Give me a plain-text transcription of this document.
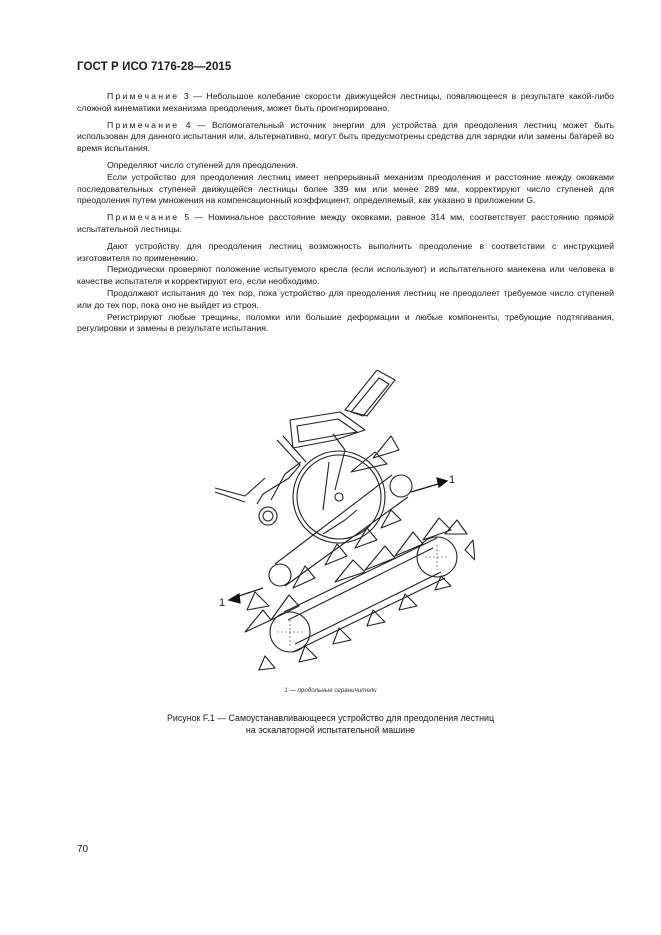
ГОСТ Р ИСО 7176-28—2015

Примечание 3 — Небольшое колебание скорости движущейся лестницы, появляющееся в результате какой-либо сложной кинематики механизма преодоления, может быть проигнорировано.

Примечание 4 — Вспомогательный источник энергии для устройства для преодоления лестниц может быть использован для данного испытания или, альтернативно, могут быть предусмотрены средства для зарядки или замены батарей во время испытания.

Определяют число ступеней для преодоления.

Если устройство для преодоления лестниц имеет непрерывный механизм преодоления и расстояние между оковками последовательных ступеней движущейся лестницы более 339 мм или менее 289 мм, корректируют число ступеней для преодоления путем умножения на компенсационный коэффициент, определяемый, как указано в приложении G.

Примечание 5 — Номинальное расстояние между оковками, равное 314 мм, соответствует расстоянию прямой испытательной лестницы.

Дают устройству для преодоления лестниц возможность выполнить преодоление в соответствии с инструкцией изготовителя по применению.

Периодически проверяют положение испытуемого кресла (если используют) и испытательного манекена или человека в качестве испытателя и корректируют его, если необходимо.

Продолжают испытания до тех пор, пока устройство для преодоления лестниц не преодолеет требуемое число ступеней или до тех пор, пока оно не выйдет из строя.

Регистрируют любые трещины, поломки или большие деформации и любые компоненты, требующие подтягивания, регулировки и замены в результате испытания.

1
1
1 — продольные ограничители
Рисунок F.1 — Самоустанавливающееся устройство для преодоления лестниц
на эскалаторной испытательной машине
70
